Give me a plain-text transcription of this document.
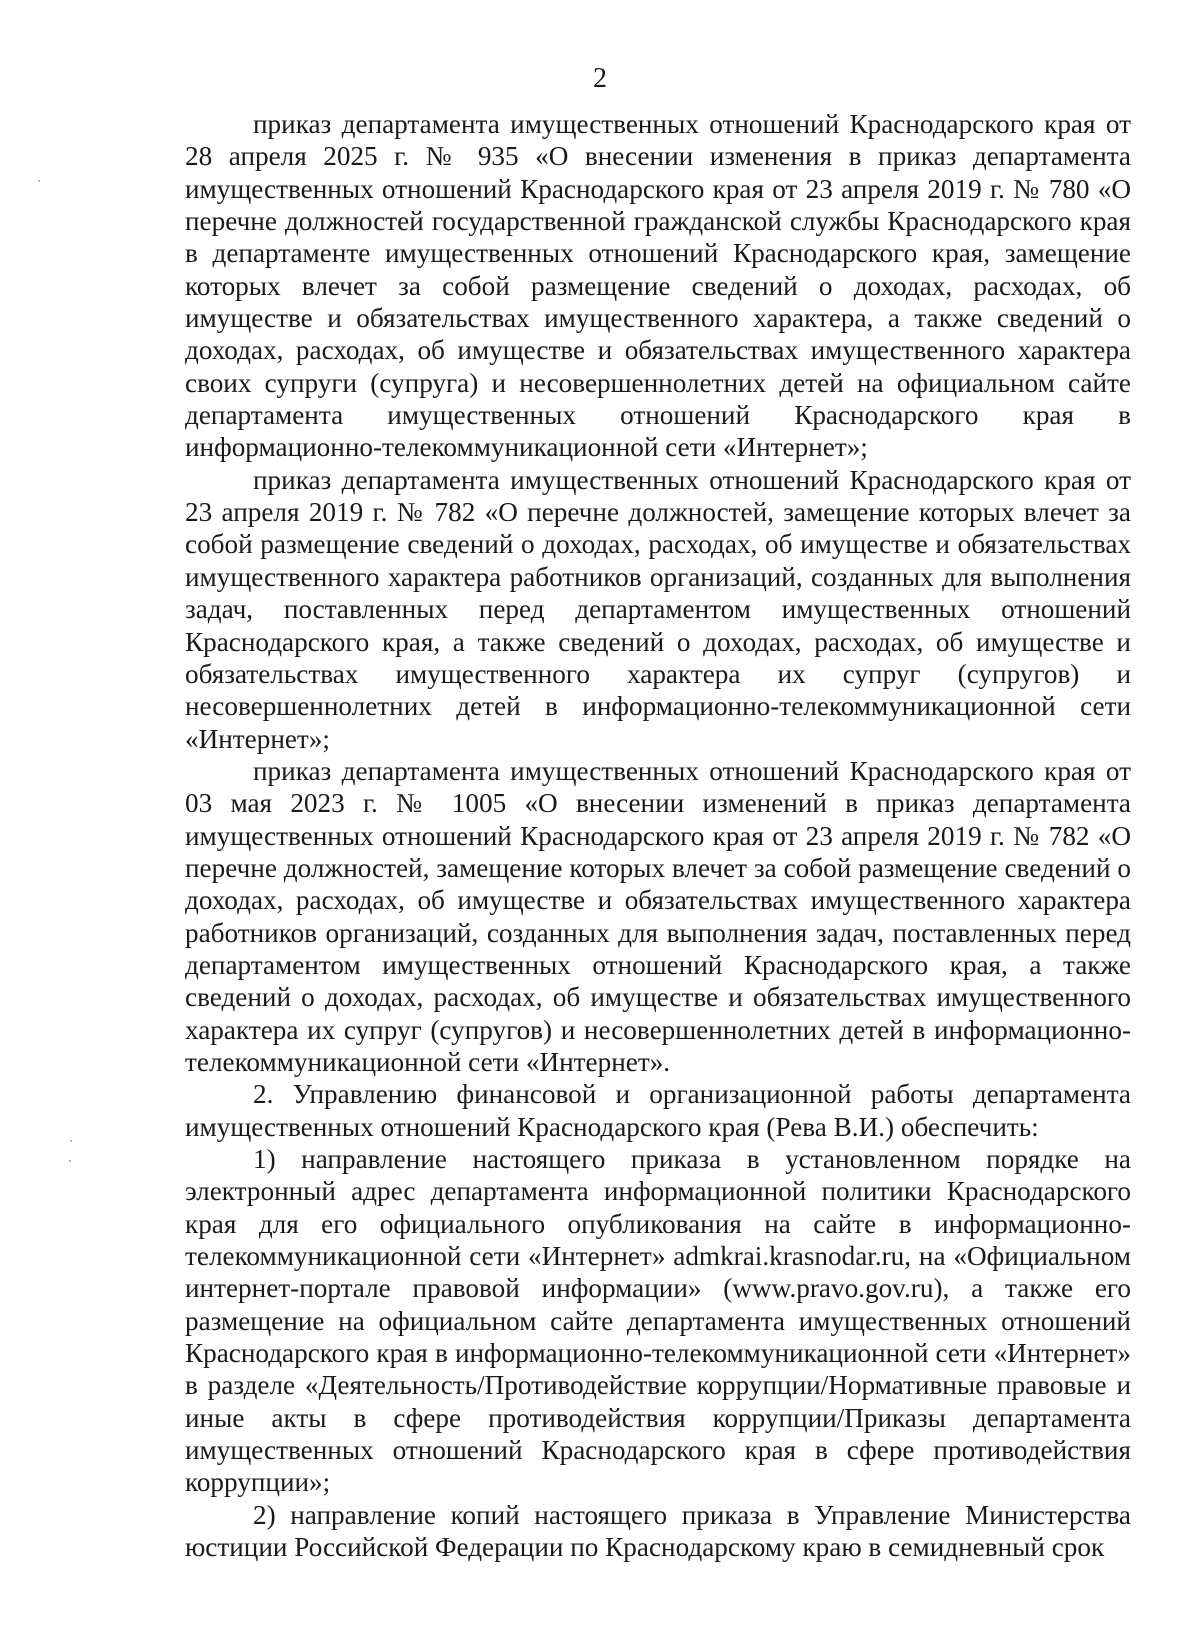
2

приказ департамента имущественных отношений Краснодарского края от 28 апреля 2025 г. № 935 «О внесении изменения в приказ департамента имущественных отношений Краснодарского края от 23 апреля 2019 г. № 780 «О перечне должностей государственной гражданской службы Краснодарского края в департаменте имущественных отношений Краснодарского края, замещение которых влечет за собой размещение сведений о доходах, расходах, об имуществе и обязательствах имущественного характера, а также сведений о доходах, расходах, об имуществе и обязательствах имущественного характера своих супруги (супруга) и несовершеннолетних детей на официальном сайте департамента имущественных отношений Краснодарского края в информационно-телекоммуникационной сети «Интернет»;

приказ департамента имущественных отношений Краснодарского края от 23 апреля 2019 г. № 782 «О перечне должностей, замещение которых влечет за собой размещение сведений о доходах, расходах, об имуществе и обязательствах имущественного характера работников организаций, созданных для выполнения задач, поставленных перед департаментом имущественных отношений Краснодарского края, а также сведений о доходах, расходах, об имуществе и обязательствах имущественного характера их супруг (супругов) и несовершеннолетних детей в информационно-телекоммуникационной сети «Интернет»;

приказ департамента имущественных отношений Краснодарского края от 03 мая 2023 г. № 1005 «О внесении изменений в приказ департамента имущественных отношений Краснодарского края от 23 апреля 2019 г. № 782 «О перечне должностей, замещение которых влечет за собой размещение сведений о доходах, расходах, об имуществе и обязательствах имущественного характера работников организаций, созданных для выполнения задач, поставленных перед департаментом имущественных отношений Краснодарского края, а также сведений о доходах, расходах, об имуществе и обязательствах имущественного характера их супруг (супругов) и несовершеннолетних детей в информационно-телекоммуникационной сети «Интернет».

2. Управлению финансовой и организационной работы департамента имущественных отношений Краснодарского края (Рева В.И.) обеспечить:

1) направление настоящего приказа в установленном порядке на электронный адрес департамента информационной политики Краснодарского края для его официального опубликования на сайте в информационно-телекоммуникационной сети «Интернет» admkrai.krasnodar.ru, на «Официальном интернет-портале правовой информации» (www.pravo.gov.ru), а также его размещение на официальном сайте департамента имущественных отношений Краснодарского края в информационно-телекоммуникационной сети «Интернет» в разделе «Деятельность/Противодействие коррупции/Нормативные правовые и иные акты в сфере противодействия коррупции/Приказы департамента имущественных отношений Краснодарского края в сфере противодействия коррупции»;

2) направление копий настоящего приказа в Управление Министерства юстиции Российской Федерации по Краснодарскому краю в семидневный срок
